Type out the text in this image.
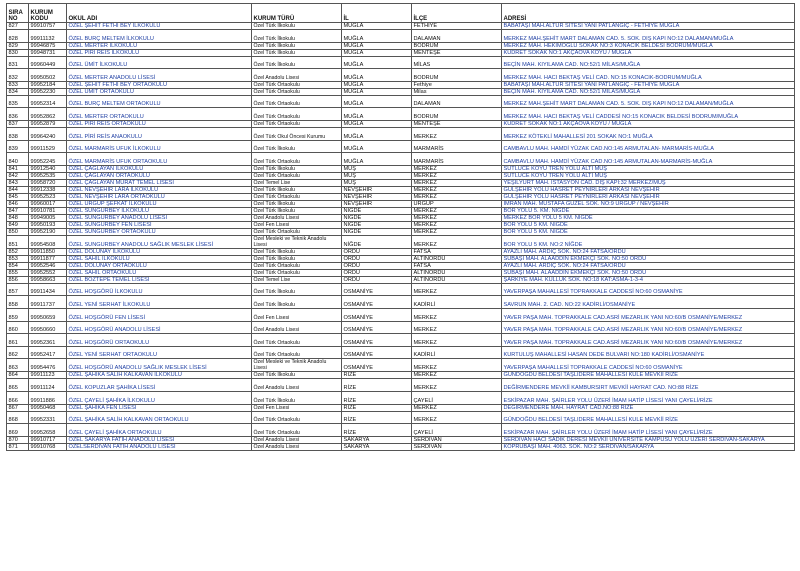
SIRA NO	KURUM KODU	OKUL ADI	KURUM TÜRÜ	İL	İLÇE	ADRESİ
827	99910757	ÖZEL ŞEHİT FETHİ BEY İLKOKULU	Özel Türk İlkokulu	MUĞLA	FETHİYE	BABATAŞI MAH.ALTUR SİTESİ YANI PATLANGIÇ - FETHİYE MUĞLA
828	99911132	ÖZEL BURÇ MELTEM İLKOKULU	Özel Türk İlkokulu	MUĞLA	DALAMAN	MERKEZ MAH.ŞEHİT MART DALAMAN CAD. 5. SOK. DIŞ KAPI NO:12 DALAMAN/MUĞLA
829	99946875	ÖZEL MERTER İLKOKULU	Özel Türk İlkokulu	MUĞLA	BODRUM	MERKEZ MAH. HEKİMOĞLU SOKAK NO:3 KONACIK BELDESİ BODRUM/MUĞLA
830	99948731	ÖZEL PİRİ REİS İLKOKULU	Özel Türk İlkokulu	MUĞLA	MENTEŞE	KUDRET SOKAK NO:1 AKÇAOVA KÖYÜ / MUĞLA
831	99960449	ÖZEL ÜMİT İLKOKULU	Özel Türk İlkokulu	MUĞLA	MİLAS	BEÇİN MAH. KIYILAMA CAD. NO:52/1 MİLAS/MUĞLA
832	99950502	ÖZEL MERTER ANADOLU LİSESİ	Özel Anadolu Lisesi	MUĞLA	BODRUM	MERKEZ MAH. HACI BEKTAŞ VELİ CAD. NO:15 KONACIK-BODRUM/MUĞLA
833	99952184	ÖZEL ŞEHİT FETHİ BEY ORTAOKULU	Özel Türk Ortaokulu	MUĞLA	Fethiye	BABATAŞI MAH.ALTUR SİTESİ YANI PATLANGIÇ - FETHİYE MUĞLA
834	99952230	ÖZEL ÜMİT ORTAOKULU	Özel Türk Ortaokulu	MUĞLA	Milas	BEÇİN MAH. KIYILAMA CAD. NO:52/1 MİLAS/MUĞLA
835	99952314	ÖZEL BURÇ MELTEM ORTAOKULU	Özel Türk Ortaokulu	MUĞLA	DALAMAN	MERKEZ MAH.ŞEHİT MART DALAMAN CAD. 5. SOK. DIŞ KAPI NO:12 DALAMAN/MUĞLA
836	99952862	ÖZEL MERTER ORTAOKULU	Özel Türk Ortaokulu	MUĞLA	BODRUM	MERKEZ MAH. HACI BEKTAŞ VELİ CADDESİ NO:15 KONACIK BELDESİ BODRUM/MUĞLA
837	99952879	ÖZEL PİRİ REİS ORTAOKULU	Özel Türk Ortaokulu	MUĞLA	MENTEŞE	KUDRET SOKAK NO:1 AKÇAOVA KÖYÜ / MUĞLA
838	99964240	ÖZEL PİRİ REİS ANAOKULU	Özel Türk Okul Öncesi Kurumu	MUĞLA	MERKEZ	MERKEZ KÖTEKLİ MAHALLESİ 201 SOKAK NO:1 MUĞLA
839	99911529	ÖZEL MARMARİS UFUK İLKOKULU	Özel Türk İlkokulu	MUĞLA	MARMARİS	CAMBAVLU MAH. HAMDİ YÜZAK CAD.NO:145 ARMUTALAN- MARMARİS-MUĞLA
840	99952245	ÖZEL MARMARİS UFUK ORTAOKULU	Özel Türk Ortaokulu	MUĞLA	MARMARİS	CAMBAVLU MAH. HAMDİ YÜZAK CAD.NO:145 ARMUTALAN-MARMARİS-MUĞLA
841	99912540	ÖZEL ÇAĞLAYAN İLKOKULU	Özel Türk İlkokulu	MUŞ	MERKEZ	SÜTLÜCE KÖYÜ TREN YOLU ALTI MUŞ
842	99952535	ÖZEL ÇAĞLAYAN ORTAOKULU	Özel Türk Ortaokulu	MUŞ	MERKEZ	SÜTLÜCE KÖYÜ TREN YOLU ALTI MUŞ
843	99958720	ÖZEL ÇAĞLAYAN MURAT TEMEL LİSESİ	Özel Temel Lise	MUŞ	MERKEZ	YEŞİLYURT MAH. İSTASYON CAD. DIŞ KAPI:32 MERKEZ/MUŞ
844	99912338	ÖZEL NEVŞEHİR LARA İLKOKULU	Özel Türk İlkokulu	NEVŞEHİR	MERKEZ	GÜLŞEHİR YOLU HASRET PEYNİRLERİ ARKASI NEVŞEHİR
845	99952523	ÖZEL NEVŞEHİR LARA ORTAOKULU	Özel Türk Ortaokulu	NEVŞEHİR	MERKEZ	GÜLŞEHİR YOLU HASRET PEYNİRLERİ ARKASI NEVŞEHİR
846	99960017	ÖZEL ÜRGÜP ŞEFKAT İLKOKULU	Özel Türk İlkokulu	NEVŞEHİR	ÜRGÜP	İMRAN MAH. MUSTAFA GÜZEL SOK. NO:9 ÜRGÜP / NEVŞEHİR
847	99910781	ÖZEL SUNGURBEY İLKOKULU	Özel Türk İlkokulu	NİĞDE	MERKEZ	BOR YOLU 5. KM. NİĞDE
848	99949005	ÖZEL SUNGURBEY ANADOLU LİSESİ	Özel Anadolu Lisesi	NİĞDE	MERKEZ	MERKEZ BOR YOLU 5 KM. NİĞDE
849	99950193	ÖZEL SUNGURBEY FEN LİSESİ	Özel Fen Lisesi	NİĞDE	MERKEZ	BOR YOLU 5 KM. NİĞDE
850	99952190	ÖZEL SUNGURBEY ORTAOKULU	Özel Türk Ortaokulu	NİĞDE	MERKEZ	BOR YOLU 5 KM. NİĞDE
851	99954508	ÖZEL SUNGURBEY ANADOLU SAĞLIK MESLEK LİSESİ	Özel Mesleki ve Teknik Anadolu Lisesi	NİĞDE	MERKEZ	BOR YOLU 5 KM. NO:2 NİĞDE
852	99911850	ÖZEL DOLUNAY İLKOKULU	Özel Türk İlkokulu	ORDU	FATSA	AYAZLI MAH. ARDIÇ SOK. NO:24 FATSA/ORDU
853	99911877	ÖZEL SAHİL İLKOKULU	Özel Türk İlkokulu	ORDU	ALTINORDU	SUBAŞI MAH. ALAADDİN EKMEKÇİ SOK. NO:50 ORDU
854	99952546	ÖZEL DOLUNAY ORTAOKULU	Özel Türk Ortaokulu	ORDU	FATSA	AYAZLI MAH. ARDIÇ SOK. NO:24 FATSA/ORDU
855	99952552	ÖZEL SAHİL ORTAOKULU	Özel Türk Ortaokulu	ORDU	ALTINORDU	SUBAŞI MAH. ALAADDİN EKMEKÇİ SOK. NO:50 ORDU
856	99958663	ÖZEL BOZTEPE TEMEL LİSESİ	Özel Temel Lise	ORDU	ALTINORDU	ŞARKİYE MAH. KULLUK SOK. NO:18 KAT:ASMA-1-3-4
857	99911434	ÖZEL HOŞGÖRÜ İLKOKULU	Özel Türk İlkokulu	OSMANİYE	MERKEZ	YAVERPAŞA MAHALLESİ TOPRAKKALE CADDESİ NO:60 OSMANİYE
858	99911737	ÖZEL YENİ SERHAT İLKOKULU	Özel Türk İlkokulu	OSMANİYE	KADİRLİ	SAVRUN MAH. 2. CAD. NO:22 KADİRLİ/OSMANİYE
859	99950659	ÖZEL HOŞGÖRÜ FEN LİSESİ	Özel Fen Lisesi	OSMANİYE	MERKEZ	YAVER PAŞA MAH. TOPRAKKALE CAD.ASRİ MEZARLIK YANI NO:60/B OSMANİYE/MERKEZ
860	99950660	ÖZEL HOŞGÖRÜ ANADOLU LİSESİ	Özel Anadolu Lisesi	OSMANİYE	MERKEZ	YAVER PAŞA MAH. TOPRAKKALE CAD.ASRİ MEZARLIK YANI NO:60/B OSMANİYE/MERKEZ
861	99952361	ÖZEL HOŞGÖRÜ ORTAOKULU	Özel Türk Ortaokulu	OSMANİYE	MERKEZ	YAVER PAŞA MAH. TOPRAKKALE CAD.ASRİ MEZARLIK YANI NO:60/B OSMANİYE/MERKEZ
862	99952417	ÖZEL YENİ SERHAT ORTAOKULU	Özel Türk Ortaokulu	OSMANİYE	KADİRLİ	KURTULUŞ MAHALLESİ HASAN DEDE BULVARI NO:180 KADİRLİ/OSMANİYE
863	99954476	ÖZEL HOŞGÖRÜ ANADOLU SAĞLIK MESLEK LİSESİ	Özel Mesleki ve Teknik Anadolu Lisesi	OSMANİYE	MERKEZ	YAVERPAŞA MAHALLESİ TOPRAKKALE CADDESİ NO:60 OSMANİYE
864	99911123	ÖZEL ŞAHİKA SALİH KALKAVAN İLKOKULU	Özel Türk İlkokulu	RİZE	MERKEZ	GÜNDOĞDU BELDESİ TAŞLIDERE MAHALLESİ KULE MEVKİİ RİZE
865	99911124	ÖZEL KOPUZLAR ŞAHİKA LİSESİ	Özel Anadolu Lisesi	RİZE	MERKEZ	DEĞİRMENDERE MEVKİİ KAMBURSIRT MEVKİİ HAYRAT CAD. NO:88 RİZE
866	99911886	ÖZEL ÇAYELİ ŞAHİKA İLKOKULU	Özel Türk İlkokulu	RİZE	ÇAYELİ	ESKİPAZAR MAH. ŞAİRLER YOLU ÜZERİ İMAM HATİP LİSESİ YANI ÇAYELİ/RİZE
867	99950468	ÖZEL ŞAHİKA FEN LİSESİ	Özel Fen Lisesi	RİZE	MERKEZ	DEĞİRMENDERE MAH. HAYRAT CAD.NO:88 RİZE
868	99952331	ÖZEL ŞAHİKA SALİH KALKAVAN ORTAOKULU	Özel Türk Ortaokulu	RİZE	MERKEZ	GÜNDOĞDU BELDESİ TAŞLIDERE MAHALLESİ KULE MEVKİİ RİZE
869	99952658	ÖZEL ÇAYELİ ŞAHİKA ORTAOKULU	Özel Türk Ortaokulu	RİZE	ÇAYELİ	ESKİPAZAR MAH. ŞAİRLER YOLU ÜZERİ İMAM HATİP LİSESİ YANI ÇAYELİ/RİZE
870	99910717	ÖZEL SAKARYA FATİH ANADOLU LİSESİ	Özel Anadolu Lisesi	SAKARYA	SERDİVAN	SERDİVAN HACI SADIK DERESİ MEVKİİ ÜNİVERSİTE KAMPÜSÜ YOLU ÜZERİ SERDİVAN-SAKARYA
871	99910768	ÖZELSERDİVAN FATİH ANADOLU LİSESİ	Özel Anadolu Lisesi	SAKARYA	SERDİVAN	KÖPRÜBAŞI MAH. 4063. SOK. NO:2 SERDİVAN/SAKARYA
